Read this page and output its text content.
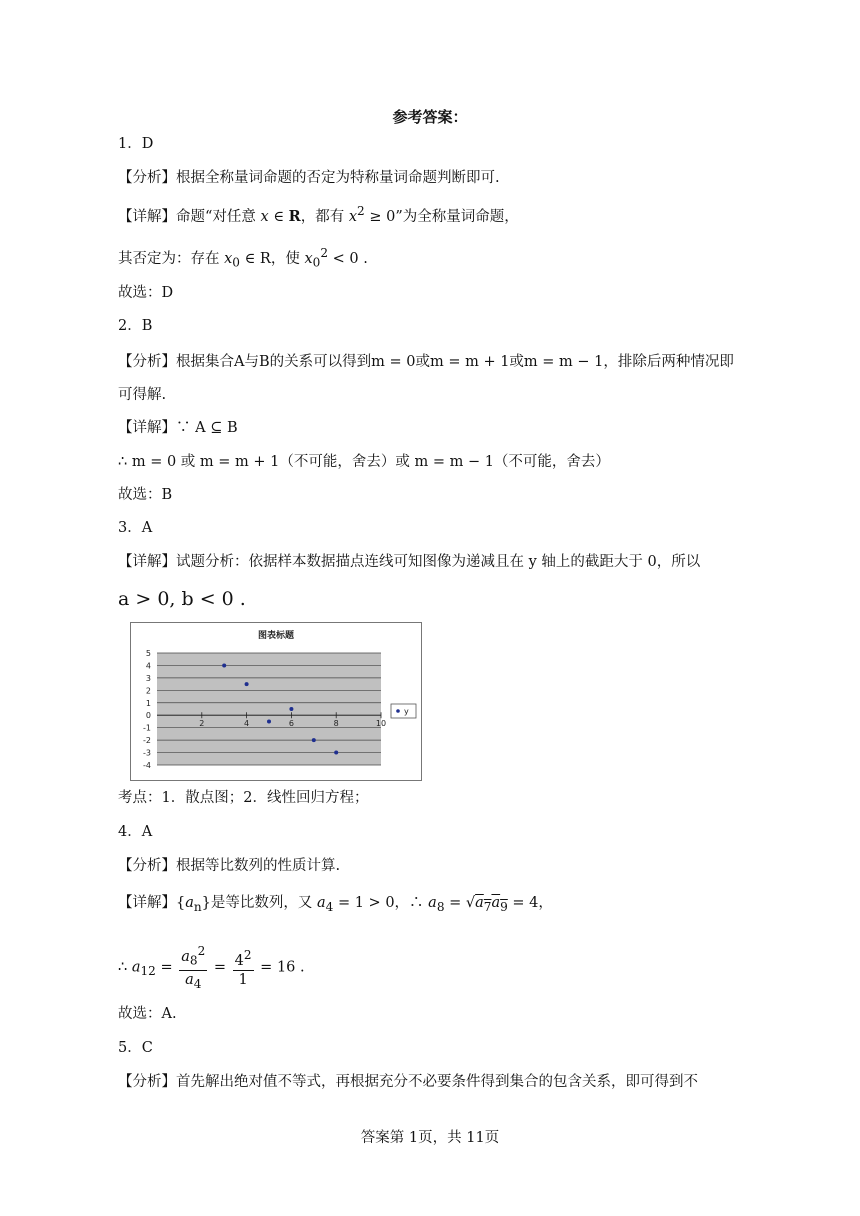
参考答案：
1．D
【分析】根据全称量词命题的否定为特称量词命题判断即可.
【详解】命题“对任意 x ∈ R，都有 $x^2 \ge 0$”为全称量词命题，
其否定为：存在 $x_0$ ∈ R，使 $x_0^2 < 0$ .
故选：D
2．B
【分析】根据集合A与B的关系可以得到m = 0或m = m + 1或m = m − 1，排除后两种情况即
可得解.
【详解】∵ A ⊆ B
∴ m = 0 或 m = m + 1（不可能，舍去）或 m = m − 1（不可能，舍去）
故选：B
3．A
【详解】试题分析：依据样本数据描点连线可知图像为递减且在 y 轴上的截距大于 0，所以
a > 0, b < 0 .
图表标题
5
4
3
2
1
0
-1
-2
-3
-4
2	4	6	8	10
y
考点：1．散点图；2．线性回归方程；
4．A
【分析】根据等比数列的性质计算.
【详解】$\{a_n\}$是等比数列，又 $a_4 = 1 > 0$，∴ $a_8 = √a_7a_9 = 4$，
∴ $a_{12} = \frac{a_8^2}{a_4} = \frac{4^2}{1} = 16$ .
故选：A.
5．C
【分析】首先解出绝对值不等式，再根据充分不必要条件得到集合的包含关系，即可得到不
答案第 1页，共 11页
